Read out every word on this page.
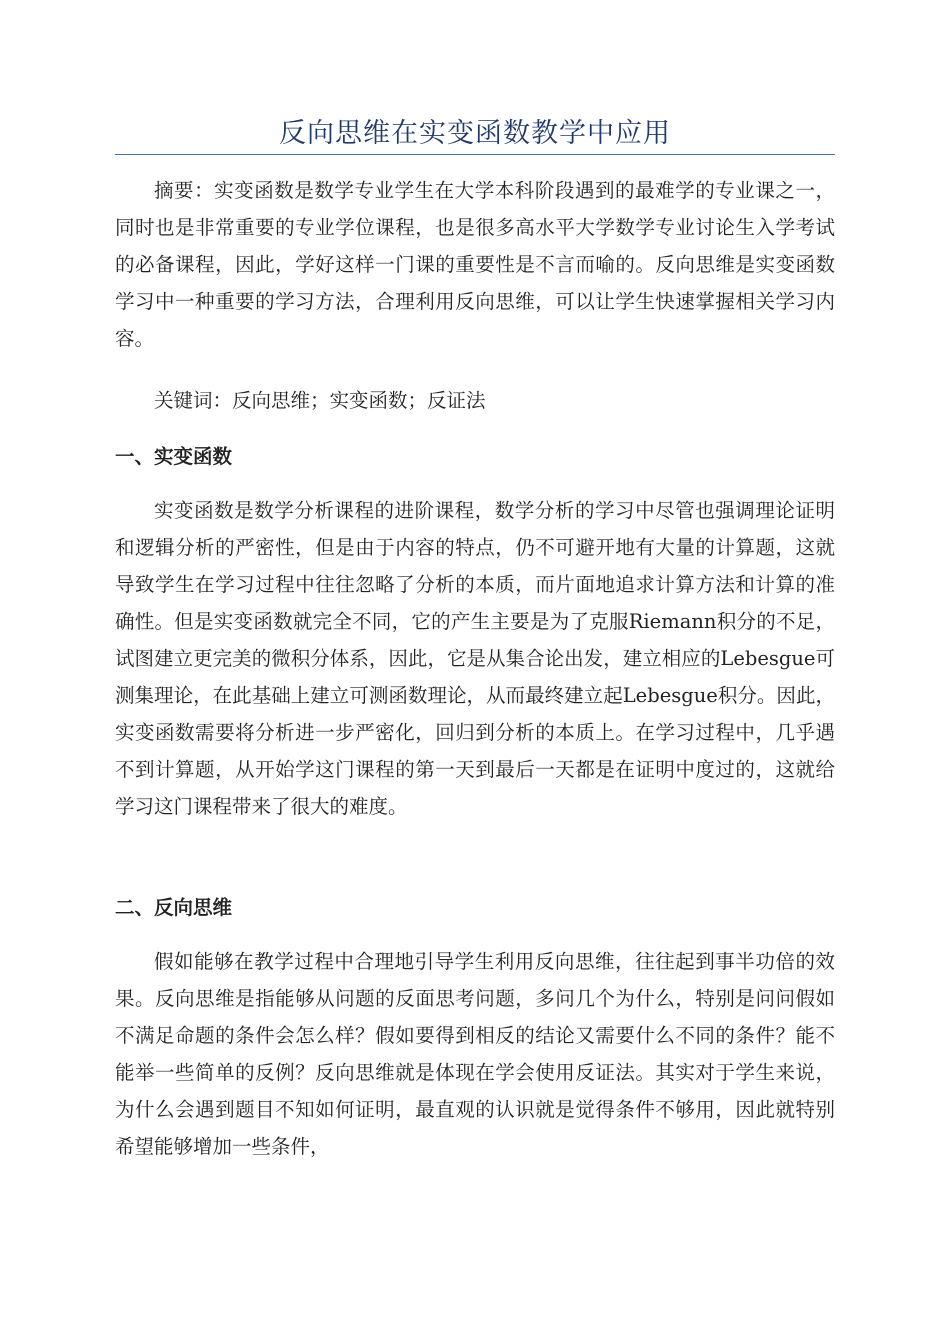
反向思维在实变函数教学中应用

摘要：实变函数是数学专业学生在大学本科阶段遇到的最难学的专业课之一，同时也是非常重要的专业学位课程，也是很多高水平大学数学专业讨论生入学考试的必备课程，因此，学好这样一门课的重要性是不言而喻的。反向思维是实变函数学习中一种重要的学习方法，合理利用反向思维，可以让学生快速掌握相关学习内容。

关键词：反向思维；实变函数；反证法

一、实变函数

实变函数是数学分析课程的进阶课程，数学分析的学习中尽管也强调理论证明和逻辑分析的严密性，但是由于内容的特点，仍不可避开地有大量的计算题，这就导致学生在学习过程中往往忽略了分析的本质，而片面地追求计算方法和计算的准确性。但是实变函数就完全不同，它的产生主要是为了克服Riemann积分的不足，试图建立更完美的微积分体系，因此，它是从集合论出发，建立相应的Lebesgue可测集理论，在此基础上建立可测函数理论，从而最终建立起Lebesgue积分。因此，实变函数需要将分析进一步严密化，回归到分析的本质上。在学习过程中，几乎遇不到计算题，从开始学这门课程的第一天到最后一天都是在证明中度过的，这就给学习这门课程带来了很大的难度。

二、反向思维

假如能够在教学过程中合理地引导学生利用反向思维，往往起到事半功倍的效果。反向思维是指能够从问题的反面思考问题，多问几个为什么，特别是问问假如不满足命题的条件会怎么样？假如要得到相反的结论又需要什么不同的条件？能不能举一些简单的反例？反向思维就是体现在学会使用反证法。其实对于学生来说，为什么会遇到题目不知如何证明，最直观的认识就是觉得条件不够用，因此就特别希望能够增加一些条件，
